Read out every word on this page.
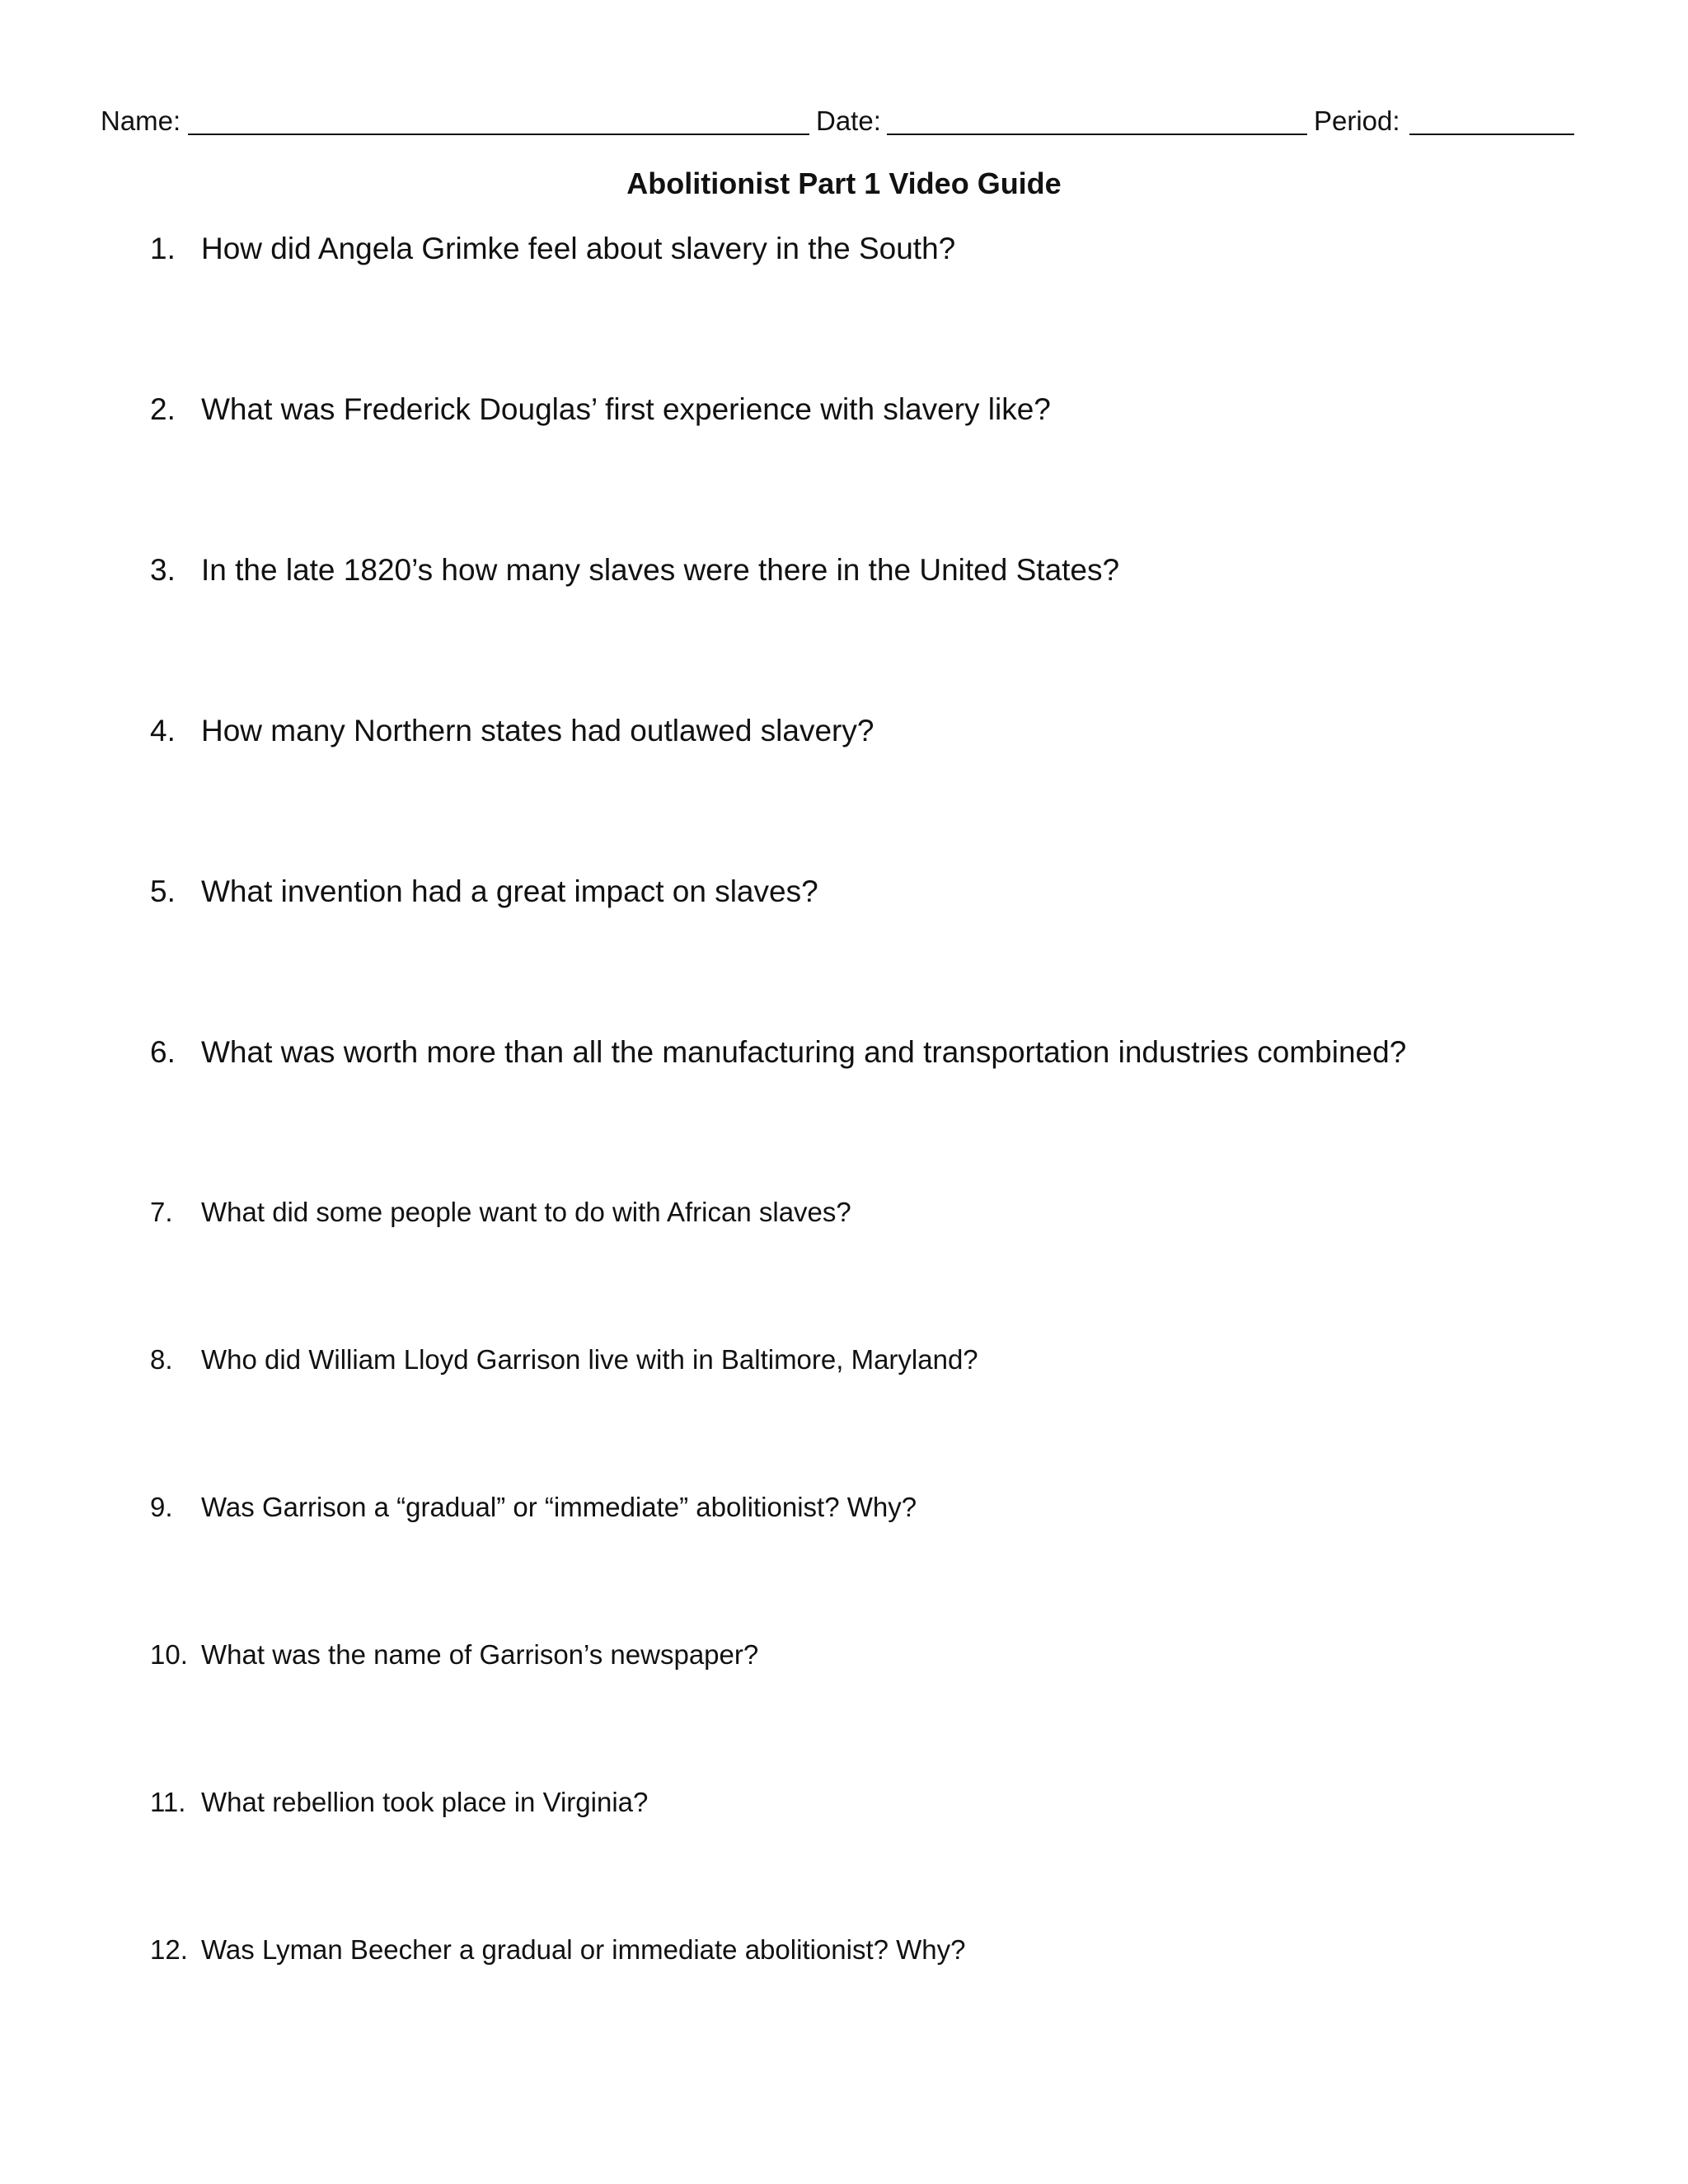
Name:	Date:	Period:
Abolitionist Part 1 Video Guide
1. How did Angela Grimke feel about slavery in the South?
2. What was Frederick Douglas’ first experience with slavery like?
3. In the late 1820’s how many slaves were there in the United States?
4. How many Northern states had outlawed slavery?
5. What invention had a great impact on slaves?
6. What was worth more than all the manufacturing and transportation industries combined?
7. What did some people want to do with African slaves?
8. Who did William Lloyd Garrison live with in Baltimore, Maryland?
9. Was Garrison a “gradual” or “immediate” abolitionist? Why?
10. What was the name of Garrison’s newspaper?
11. What rebellion took place in Virginia?
12. Was Lyman Beecher a gradual or immediate abolitionist? Why?
